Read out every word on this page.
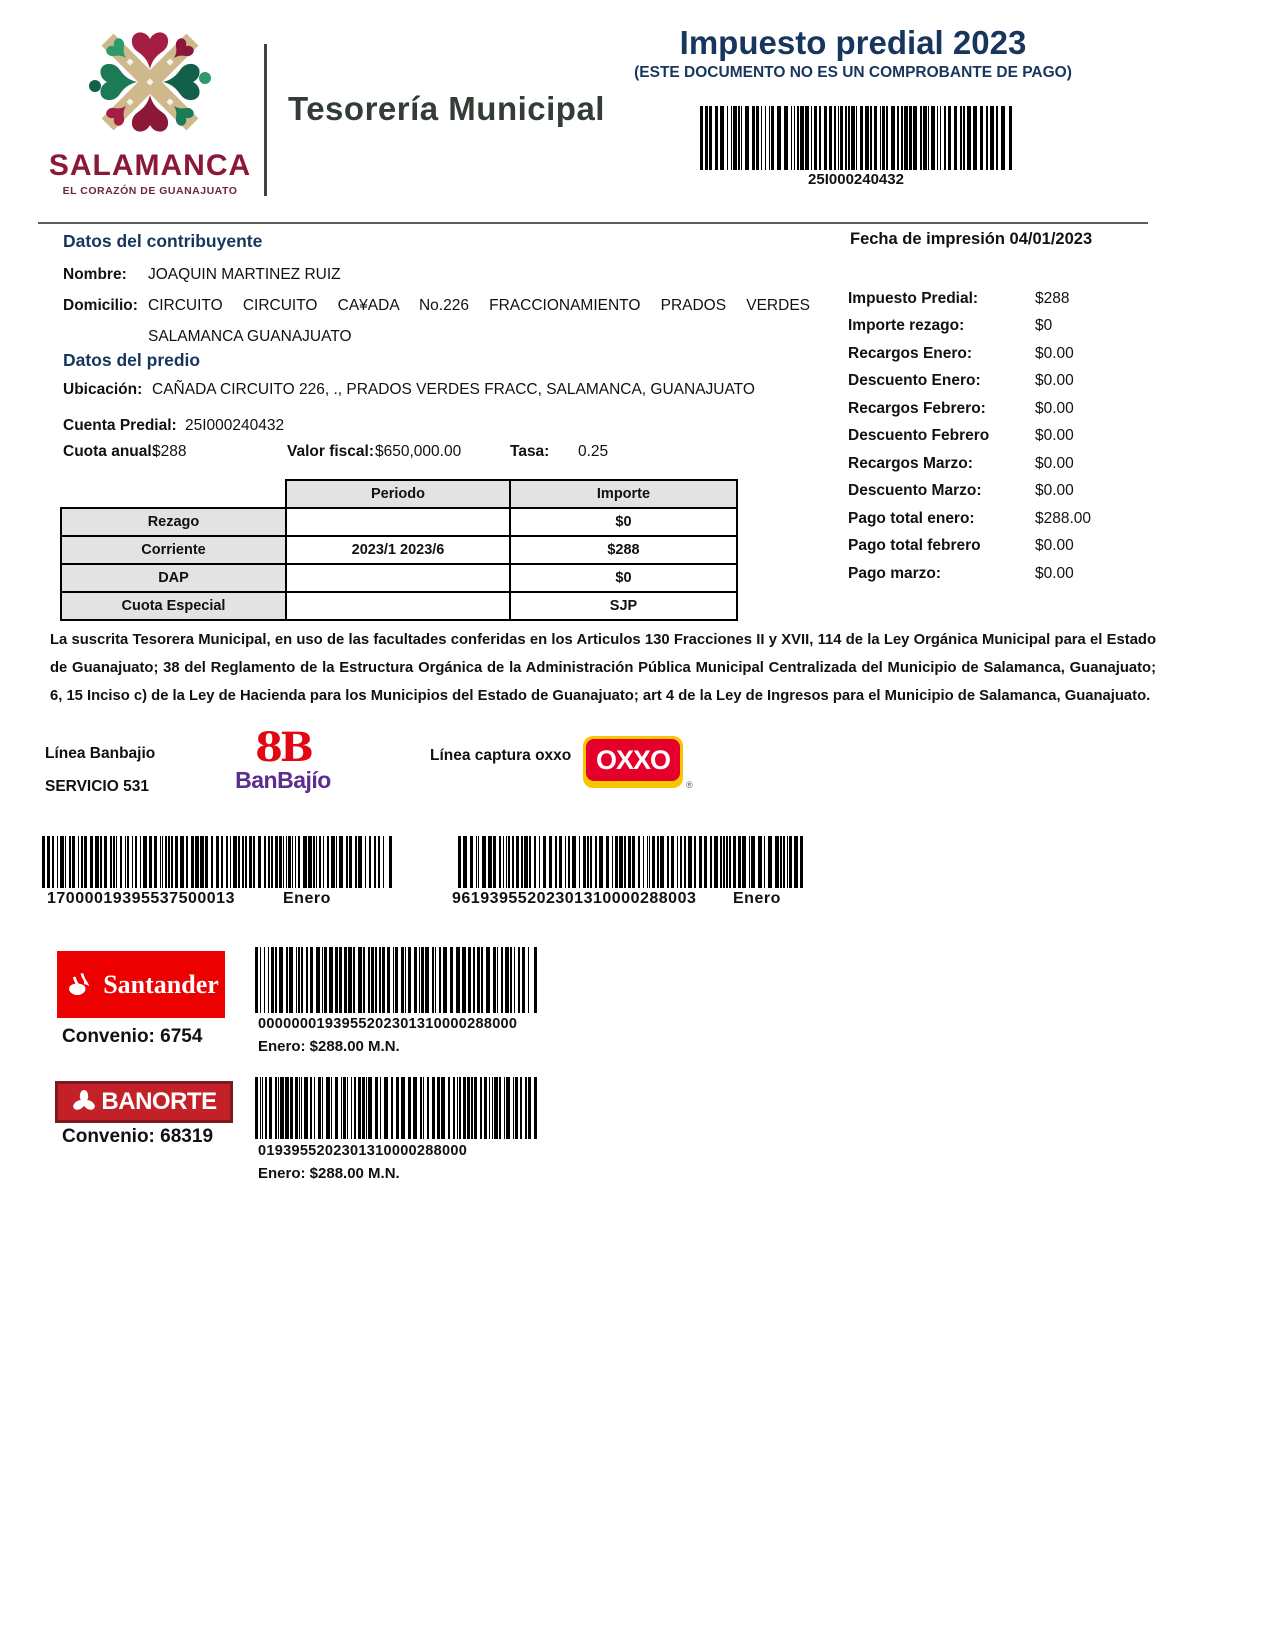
SALAMANCA
EL CORAZÓN DE GUANAJUATO
Tesorería Municipal
Impuesto predial 2023
(ESTE DOCUMENTO NO ES UN COMPROBANTE DE PAGO)
25I000240432
Datos del contribuyente
Nombre: JOAQUIN MARTINEZ RUIZ
Domicilio: CIRCUITO CIRCUITO CA¥ADA No.226 FRACCIONAMIENTO PRADOS VERDES
SALAMANCA GUANAJUATO
Datos del predio
Ubicación: CAÑADA CIRCUITO 226, ., PRADOS VERDES FRACC, SALAMANCA, GUANAJUATO
Cuenta Predial: 25I000240432
Cuota anual:
$288	Valor fiscal: $650,000.00	Tasa: 0.25
	Periodo	Importe
Rezago		$0
Corriente	2023/1 2023/6	$288
DAP		$0
Cuota Especial		SJP
Fecha de impresión 04/01/2023
Impuesto Predial:	$288
Importe rezago:	$0
Recargos Enero:	$0.00
Descuento Enero:	$0.00
Recargos Febrero:	$0.00
Descuento Febrero	$0.00
Recargos Marzo:	$0.00
Descuento Marzo:	$0.00
Pago total enero:	$288.00
Pago total febrero	$0.00
Pago marzo:	$0.00
La suscrita Tesorera Municipal, en uso de las facultades conferidas en los Articulos 130 Fracciones II y XVII, 114 de la Ley Orgánica Municipal para el Estado de Guanajuato; 38 del Reglamento de la Estructura Orgánica de la Administración Pública Municipal Centralizada del Municipio de Salamanca, Guanajuato; 6, 15 Inciso c) de la Ley de Hacienda para los Municipios del Estado de Guanajuato; art 4 de la Ley de Ingresos para el Municipio de Salamanca, Guanajuato.
Línea Banbajio	8B
BanBajío
SERVICIO 531
Línea captura oxxo OXXO
®
17000019395537500013	Enero	96193955202301310000288003 Enero
Santander
Convenio: 6754
0000000193955202301310000288000
Enero: $288.00 M.N.
BANORTE
Convenio: 68319
0193955202301310000288000
Enero: $288.00 M.N.
